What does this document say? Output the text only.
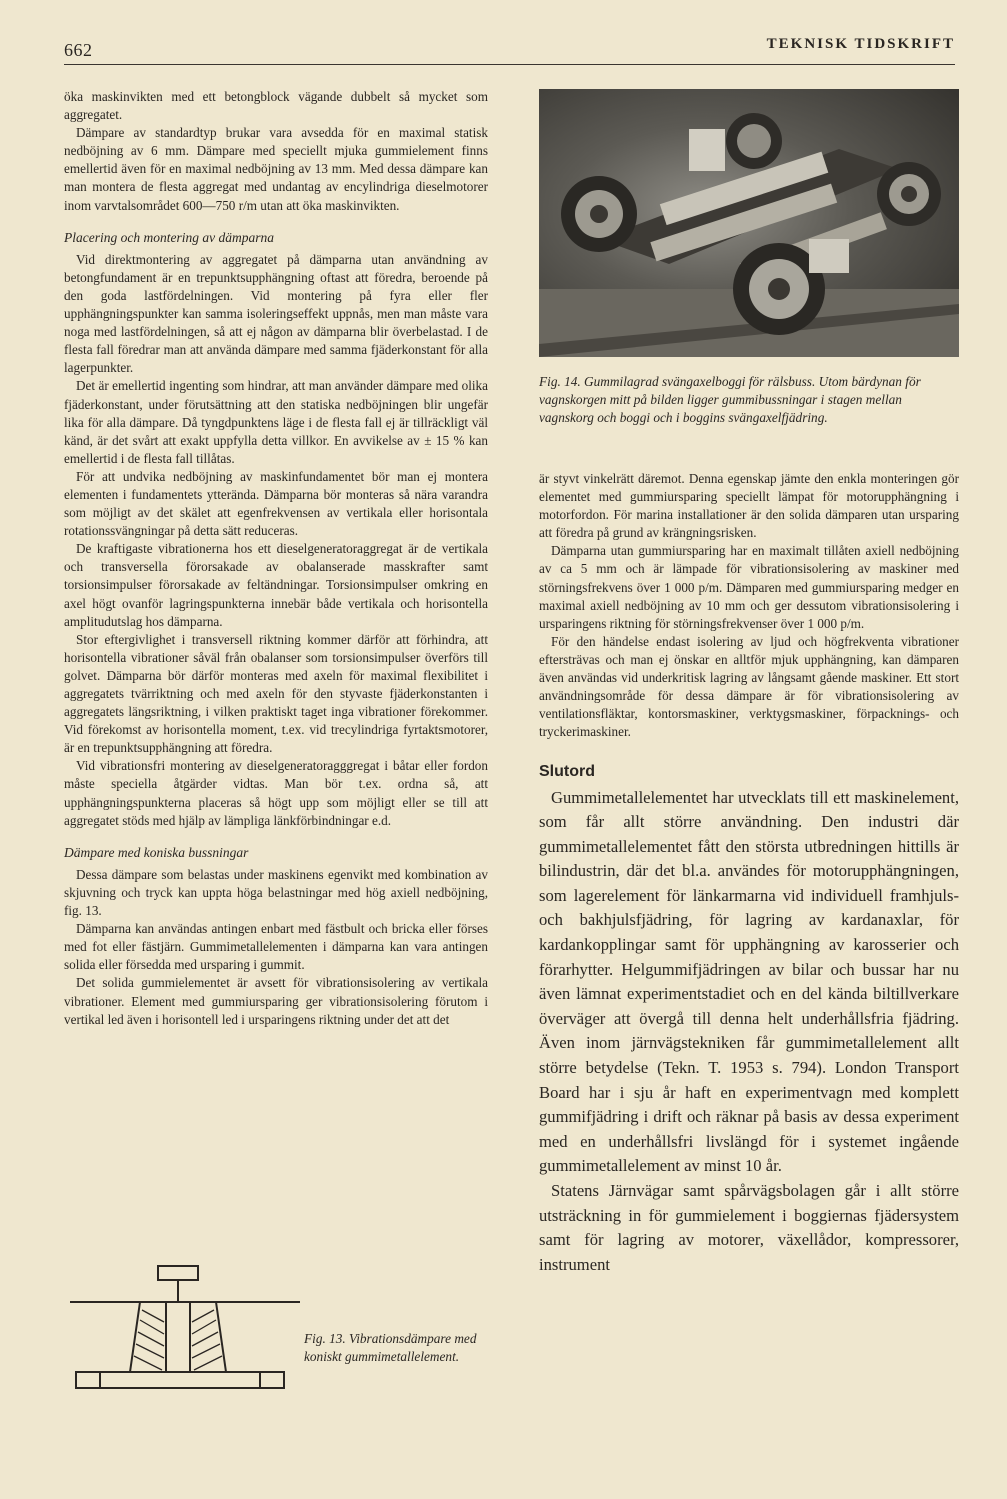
662	TEKNISK TIDSKRIFT

öka maskinvikten med ett betongblock vägande dubbelt så mycket som aggregatet.

Dämpare av standardtyp brukar vara avsedda för en maximal statisk nedböjning av 6 mm. Dämpare med speciellt mjuka gummielement finns emellertid även för en maximal nedböjning av 13 mm. Med dessa dämpare kan man montera de flesta aggregat med undantag av encylindriga dieselmotorer inom varvtalsområdet 600—750 r/m utan att öka maskinvikten.

Placering och montering av dämparna

Vid direktmontering av aggregatet på dämparna utan användning av betongfundament är en trepunktsupphängning oftast att föredra, beroende på den goda lastfördelningen. Vid montering på fyra eller fler upphängningspunkter kan samma isoleringseffekt uppnås, men man måste vara noga med lastfördelningen, så att ej någon av dämparna blir överbelastad. I de flesta fall föredrar man att använda dämpare med samma fjäderkonstant för alla lagerpunkter.

Det är emellertid ingenting som hindrar, att man använder dämpare med olika fjäderkonstant, under förutsättning att den statiska nedböjningen blir ungefär lika för alla dämpare. Då tyngdpunktens läge i de flesta fall ej är tillräckligt väl känd, är det svårt att exakt uppfylla detta villkor. En avvikelse av ± 15 % kan emellertid i de flesta fall tillåtas.

För att undvika nedböjning av maskinfundamentet bör man ej montera elementen i fundamentets ytterända. Dämparna bör monteras så nära varandra som möjligt av det skälet att egenfrekvensen av vertikala eller horisontala rotationssvängningar på detta sätt reduceras.

De kraftigaste vibrationerna hos ett dieselgeneratoraggregat är de vertikala och transversella förorsakade av obalanserade masskrafter samt torsionsimpulser förorsakade av feltändningar. Torsionsimpulser omkring en axel högt ovanför lagringspunkterna innebär både vertikala och horisontella amplitudutslag hos dämparna.

Stor eftergivlighet i transversell riktning kommer därför att förhindra, att horisontella vibrationer såväl från obalanser som torsionsimpulser överförs till golvet. Dämparna bör därför monteras med axeln för maximal flexibilitet i aggregatets tvärriktning och med axeln för den styvaste fjäderkonstanten i aggregatets längsriktning, i vilken praktiskt taget inga vibrationer förekommer. Vid förekomst av horisontella moment, t.ex. vid trecylindriga fyrtaktsmotorer, är en trepunktsupphängning att föredra.

Vid vibrationsfri montering av dieselgeneratoragggregat i båtar eller fordon måste speciella åtgärder vidtas. Man bör t.ex. ordna så, att upphängningspunkterna placeras så högt upp som möjligt eller se till att aggregatet stöds med hjälp av lämpliga länkförbindningar e.d.

Dämpare med koniska bussningar

Dessa dämpare som belastas under maskinens egenvikt med kombination av skjuvning och tryck kan uppta höga belastningar med hög axiell nedböjning, fig. 13.

Dämparna kan användas antingen enbart med fästbult och bricka eller förses med fot eller fästjärn. Gummimetallelementen i dämparna kan vara antingen solida eller försedda med ursparing i gummit.

Det solida gummielementet är avsett för vibrationsisolering av vertikala vibrationer. Element med gummiursparing ger vibrationsisolering förutom i vertikal led även i horisontell led i ursparingens riktning under det att det

Fig. 14. Gummilagrad svängaxelboggi för rälsbuss. Utom bärdynan för vagnskorgen mitt på bilden ligger gummibussningar i stagen mellan vagnskorg och boggi och i boggins svängaxelfjädring.
Fig. 13. Vibrationsdämpare med koniskt gummimetallelement.

är styvt vinkelrätt däremot. Denna egenskap jämte den enkla monteringen gör elementet med gummiursparing speciellt lämpat för motorupphängning i motorfordon. För marina installationer är den solida dämparen utan ursparing att föredra på grund av krängningsrisken.

Dämparna utan gummiursparing har en maximalt tillåten axiell nedböjning av ca 5 mm och är lämpade för vibrationsisolering av maskiner med störningsfrekvens över 1 000 p/m. Dämparen med gummiursparing medger en maximal axiell nedböjning av 10 mm och ger dessutom vibrationsisolering i ursparingens riktning för störningsfrekvenser över 1 000 p/m.

För den händelse endast isolering av ljud och högfrekventa vibrationer eftersträvas och man ej önskar en alltför mjuk upphängning, kan dämparen även användas vid underkritisk lagring av långsamt gående maskiner. Ett stort användningsområde för dessa dämpare är för vibrationsisolering av ventilationsfläktar, kontorsmaskiner, verktygsmaskiner, förpacknings- och tryckerimaskiner.

Slutord

Gummimetallelementet har utvecklats till ett maskinelement, som får allt större användning. Den industri där gummimetallelementet fått den största utbredningen hittills är bilindustrin, där det bl.a. användes för motorupphängningen, som lagerelement för länkarmarna vid individuell framhjuls- och bakhjulsfjädring, för lagring av kardanaxlar, för kardankopplingar samt för upphängning av karosserier och förarhytter. Helgummifjädringen av bilar och bussar har nu även lämnat experimentstadiet och en del kända biltillverkare överväger att övergå till denna helt underhållsfria fjädring. Även inom järnvägstekniken får gummimetallelement allt större betydelse (Tekn. T. 1953 s. 794). London Transport Board har i sju år haft en experimentvagn med komplett gummifjädring i drift och räknar på basis av dessa experiment med en underhållsfri livslängd för i systemet ingående gummimetallelement av minst 10 år.

Statens Järnvägar samt spårvägsbolagen går i allt större utsträckning in för gummielement i boggiernas fjädersystem samt för lagring av motorer, växellådor, kompressorer, instrument
